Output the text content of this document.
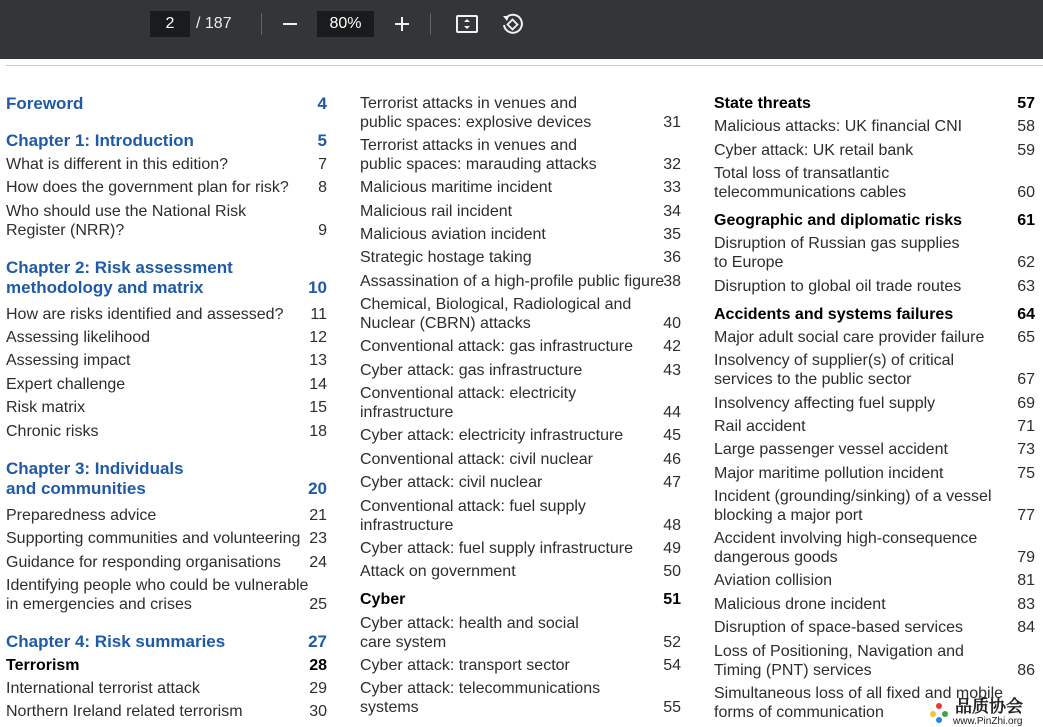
2	/ 187	80%
Foreword	4
Chapter 1: Introduction	5
What is different in this edition?	7
How does the government plan for risk? 8
Who should use the National Risk
Register (NRR)?	9
Chapter 2: Risk assessment
methodology and matrix	10
How are risks identified and assessed? 11
Assessing likelihood	12
Assessing impact	13
Expert challenge	14
Risk matrix	15
Chronic risks	18
Chapter 3: Individuals
and communities	20
Preparedness advice	21
Supporting communities and volunteering 23
Guidance for responding organisations 24
Identifying people who could be vulnerable
in emergencies and crises	25
Chapter 4: Risk summaries	27
Terrorism	28
International terrorist attack	29
Northern Ireland related terrorism	30
Terrorist attacks in venues and
public spaces: explosive devices	31
Terrorist attacks in venues and
public spaces: marauding attacks	32
Malicious maritime incident	33
Malicious rail incident	34
Malicious aviation incident	35
Strategic hostage taking	36
Assassination of a high-profile public figure 38
Chemical, Biological, Radiological and
Nuclear (CBRN) attacks	40
Conventional attack: gas infrastructure 42
Cyber attack: gas infrastructure	43
Conventional attack: electricity
infrastructure	44
Cyber attack: electricity infrastructure	45
Conventional attack: civil nuclear	46
Cyber attack: civil nuclear	47
Conventional attack: fuel supply
infrastructure	48
Cyber attack: fuel supply infrastructure 49
Attack on government	50
Cyber	51
Cyber attack: health and social
care system	52
Cyber attack: transport sector	54
Cyber attack: telecommunications
systems	55
State threats	57
Malicious attacks: UK financial CNI	58
Cyber attack: UK retail bank	59
Total loss of transatlantic
telecommunications cables	60
Geographic and diplomatic risks	61
Disruption of Russian gas supplies
to Europe	62
Disruption to global oil trade routes	63
Accidents and systems failures	64
Major adult social care provider failure 65
Insolvency of supplier(s) of critical
services to the public sector	67
Insolvency affecting fuel supply	69
Rail accident	71
Large passenger vessel accident	73
Major maritime pollution incident	75
Incident (grounding/sinking) of a vessel
blocking a major port	77
Accident involving high-consequence
dangerous goods	79
Aviation collision	81
Malicious drone incident	83
Disruption of space-based services	84
Loss of Positioning, Navigation and
Timing (PNT) services	86
Simultaneous loss of all fixed and mobile
forms of communication	品质协会
www.PinZhi.org
